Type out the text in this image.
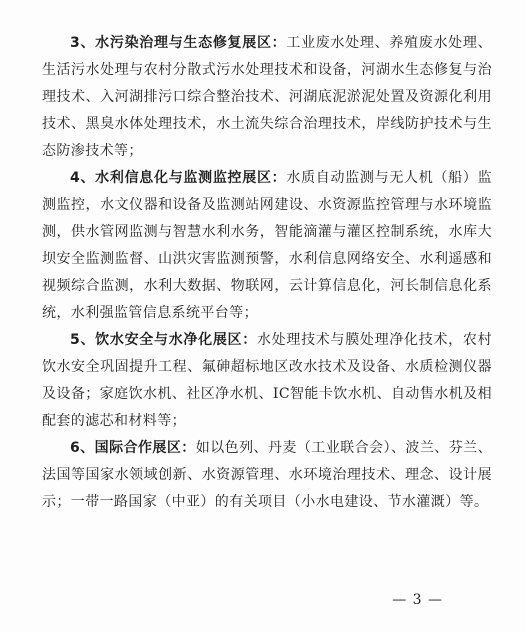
3、水污染治理与生态修复展区：工业废水处理、养殖废水处理、生活污水处理与农村分散式污水处理技术和设备，河湖水生态修复与治理技术、入河湖排污口综合整治技术、河湖底泥淤泥处置及资源化利用技术、黑臭水体处理技术，水土流失综合治理技术，岸线防护技术与生态防渗技术等；

4、水利信息化与监测监控展区：水质自动监测与无人机（船）监测监控，水文仪器和设备及监测站网建设、水资源监控管理与水环境监测，供水管网监测与智慧水利水务，智能滴灌与灌区控制系统，水库大坝安全监测监督、山洪灾害监测预警，水利信息网络安全、水利遥感和视频综合监测，水利大数据、物联网，云计算信息化，河长制信息化系统，水利强监管信息系统平台等；

5、饮水安全与水净化展区：水处理技术与膜处理净化技术，农村饮水安全巩固提升工程、氟砷超标地区改水技术及设备、水质检测仪器及设备；家庭饮水机、社区净水机、IC智能卡饮水机、自动售水机及相配套的滤芯和材料等；

6、国际合作展区：如以色列、丹麦（工业联合会）、波兰、芬兰、法国等国家水领域创新、水资源管理、水环境治理技术、理念、设计展示；一带一路国家（中亚）的有关项目（小水电建设、节水灌溉）等。

— 3 —
